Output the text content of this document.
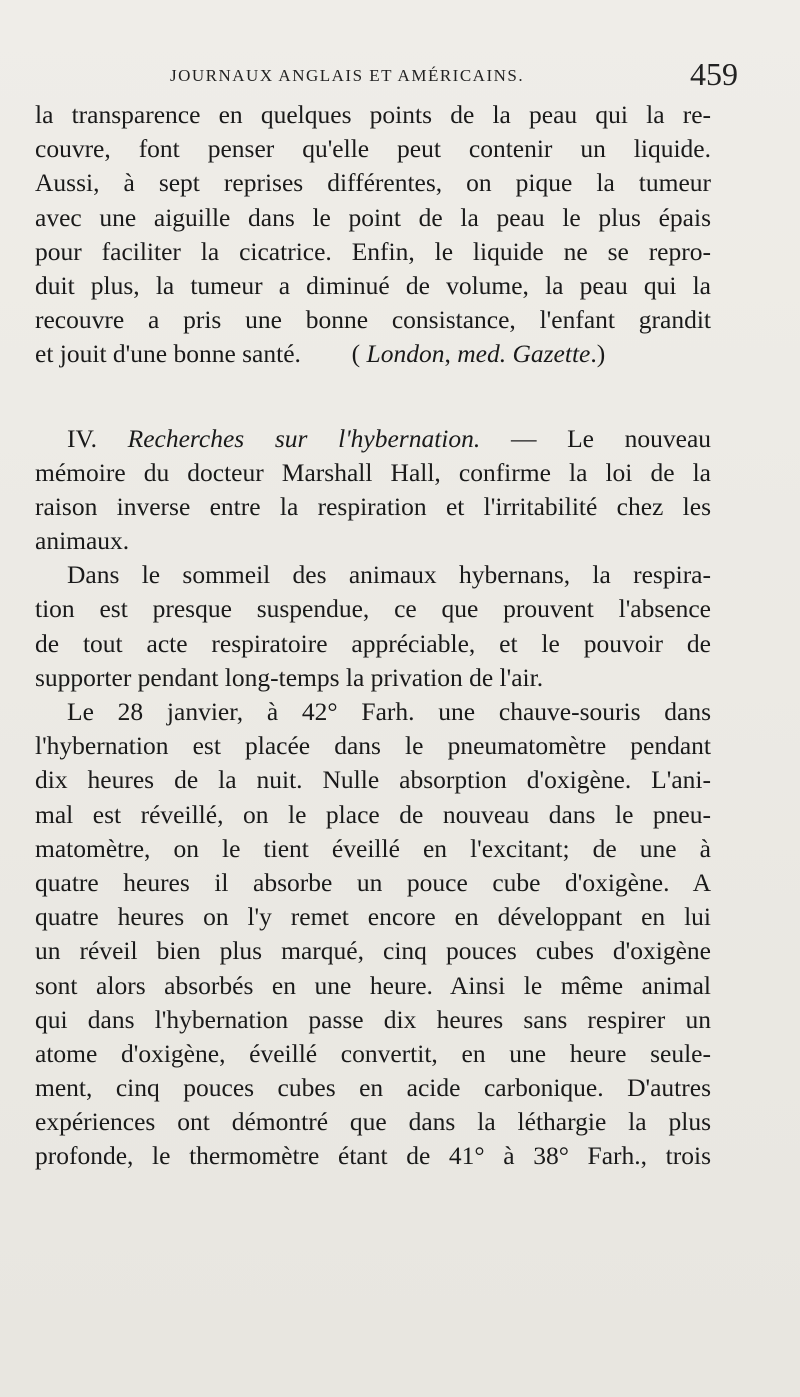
JOURNAUX ANGLAIS ET AMÉRICAINS.	459
la transparence en quelques points de la peau qui la re-
couvre, font penser qu'elle peut contenir un liquide.
Aussi, à sept reprises différentes, on pique la tumeur
avec une aiguille dans le point de la peau le plus épais
pour faciliter la cicatrice. Enfin, le liquide ne se repro-
duit plus, la tumeur a diminué de volume, la peau qui la
recouvre a pris une bonne consistance, l'enfant grandit
et jouit d'une bonne santé. ( London, med. Gazette.)
IV. Recherches sur l'hybernation. — Le nouveau
mémoire du docteur Marshall Hall, confirme la loi de la
raison inverse entre la respiration et l'irritabilité chez les
animaux.
Dans le sommeil des animaux hybernans, la respira-
tion est presque suspendue, ce que prouvent l'absence
de tout acte respiratoire appréciable, et le pouvoir de
supporter pendant long-temps la privation de l'air.
Le 28 janvier, à 42° Farh. une chauve-souris dans
l'hybernation est placée dans le pneumatomètre pendant
dix heures de la nuit. Nulle absorption d'oxigène. L'ani-
mal est réveillé, on le place de nouveau dans le pneu-
matomètre, on le tient éveillé en l'excitant; de une à
quatre heures il absorbe un pouce cube d'oxigène. A
quatre heures on l'y remet encore en développant en lui
un réveil bien plus marqué, cinq pouces cubes d'oxigène
sont alors absorbés en une heure. Ainsi le même animal
qui dans l'hybernation passe dix heures sans respirer un
atome d'oxigène, éveillé convertit, en une heure seule-
ment, cinq pouces cubes en acide carbonique. D'autres
expériences ont démontré que dans la léthargie la plus
profonde, le thermomètre étant de 41° à 38° Farh., trois
